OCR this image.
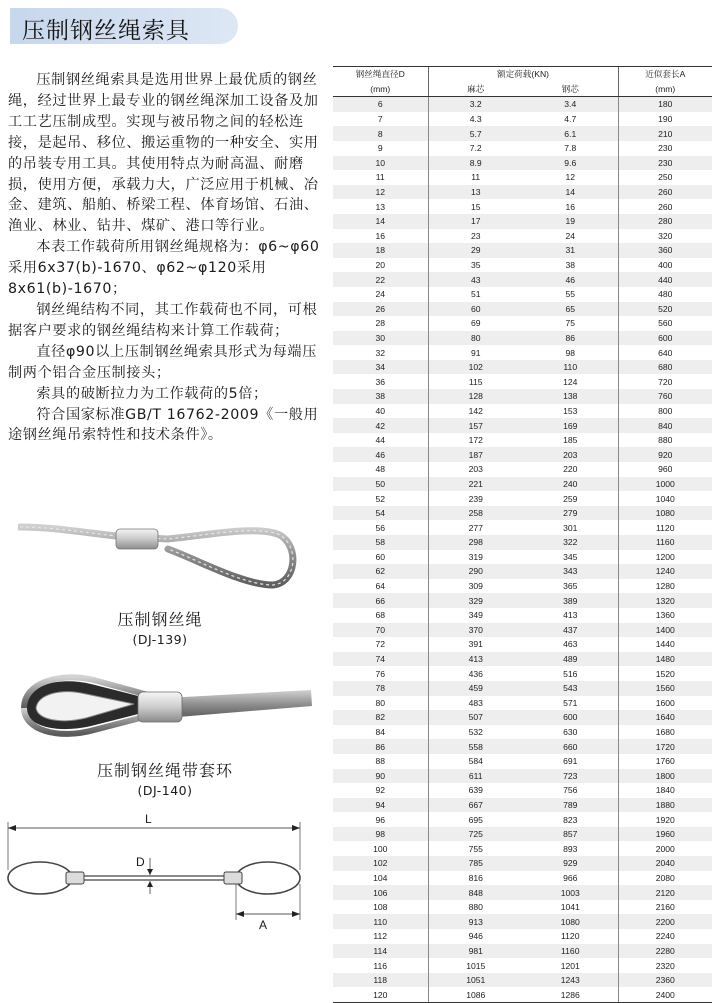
压制钢丝绳索具

压制钢丝绳索具是选用世界上最优质的钢丝绳，经过世界上最专业的钢丝绳深加工设备及加工工艺压制成型。实现与被吊物之间的轻松连接，是起吊、移位、搬运重物的一种安全、实用的吊装专用工具。其使用特点为耐高温、耐磨损，使用方便，承载力大，广泛应用于机械、冶金、建筑、船舶、桥梁工程、体育场馆、石油、渔业、林业、钻井、煤矿、港口等行业。

本表工作载荷所用钢丝绳规格为：φ6~φ60采用6x37(b)-1670、φ62~φ120采用8x61(b)-1670；

钢丝绳结构不同，其工作载荷也不同，可根据客户要求的钢丝绳结构来计算工作载荷；

直径φ90以上压制钢丝绳索具形式为每端压制两个铝合金压制接头；

索具的破断拉力为工作载荷的5倍；

符合国家标准GB/T 16762-2009《一般用途钢丝绳吊索特性和技术条件》。

压制钢丝绳
(DJ-139)
压制钢丝绳带套环
(DJ-140)
L
D
A
钢丝绳直径D	额定荷载(KN)		近似套长A
(mm)	麻芯	钢芯	(mm)
6	3.2	3.4	180
7	4.3	4.7	190
8	5.7	6.1	210
9	7.2	7.8	230
10	8.9	9.6	230
11	11	12	250
12	13	14	260
13	15	16	260
14	17	19	280
16	23	24	320
18	29	31	360
20	35	38	400
22	43	46	440
24	51	55	480
26	60	65	520
28	69	75	560
30	80	86	600
32	91	98	640
34	102	110	680
36	115	124	720
38	128	138	760
40	142	153	800
42	157	169	840
44	172	185	880
46	187	203	920
48	203	220	960
50	221	240	1000
52	239	259	1040
54	258	279	1080
56	277	301	1120
58	298	322	1160
60	319	345	1200
62	290	343	1240
64	309	365	1280
66	329	389	1320
68	349	413	1360
70	370	437	1400
72	391	463	1440
74	413	489	1480
76	436	516	1520
78	459	543	1560
80	483	571	1600
82	507	600	1640
84	532	630	1680
86	558	660	1720
88	584	691	1760
90	611	723	1800
92	639	756	1840
94	667	789	1880
96	695	823	1920
98	725	857	1960
100	755	893	2000
102	785	929	2040
104	816	966	2080
106	848	1003	2120
108	880	1041	2160
110	913	1080	2200
112	946	1120	2240
114	981	1160	2280
116	1015	1201	2320
118	1051	1243	2360
120	1086	1286	2400
